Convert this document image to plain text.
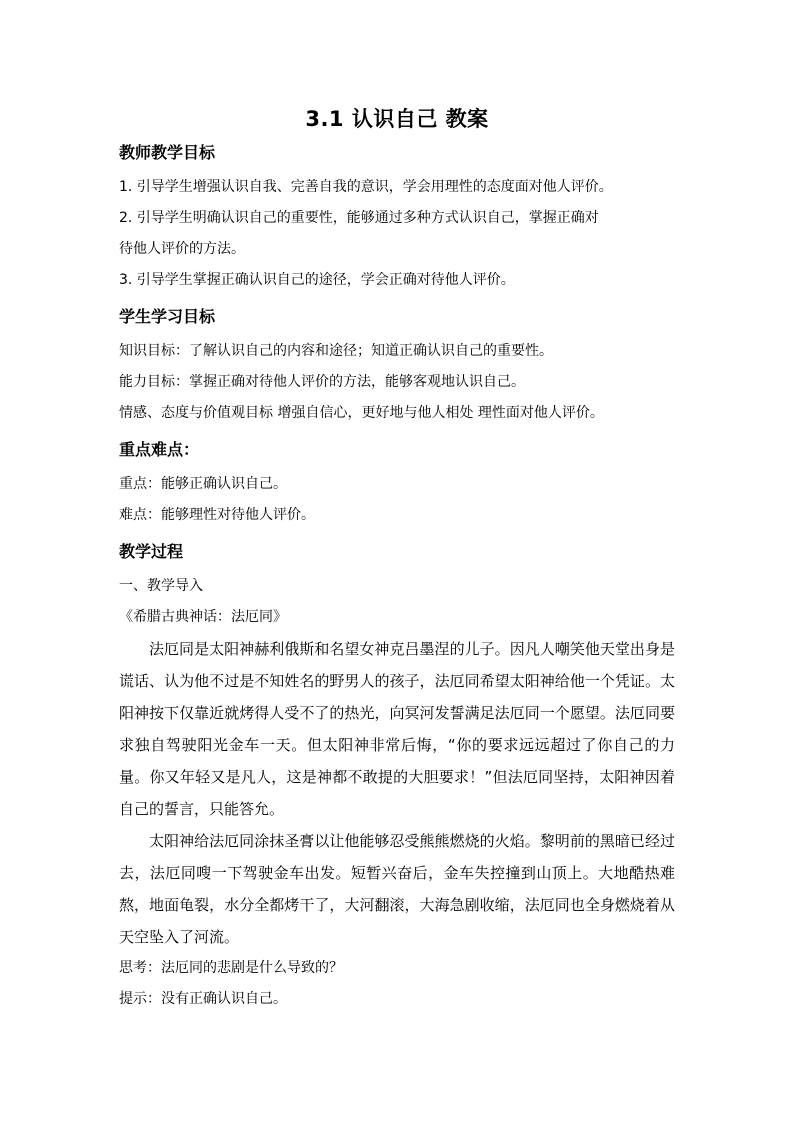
3.1 认识自己 教案
教师教学目标

1. 引导学生增强认识自我、完善自我的意识，学会用理性的态度面对他人评价。

2. 引导学生明确认识自己的重要性，能够通过多种方式认识自己，掌握正确对

待他人评价的方法。

3. 引导学生掌握正确认识自己的途径，学会正确对待他人评价。

学生学习目标

知识目标：了解认识自己的内容和途径；知道正确认识自己的重要性。

能力目标：掌握正确对待他人评价的方法，能够客观地认识自己。

情感、态度与价值观目标 增强自信心，更好地与他人相处 理性面对他人评价。

重点难点：

重点：能够正确认识自己。

难点：能够理性对待他人评价。

教学过程

一、教学导入

《希腊古典神话：法厄同》

法厄同是太阳神赫利俄斯和名望女神克吕墨涅的儿子。因凡人嘲笑他天堂出身是谎话、认为他不过是不知姓名的野男人的孩子，法厄同希望太阳神给他一个凭证。太阳神按下仅靠近就烤得人受不了的热光，向冥河发誓满足法厄同一个愿望。法厄同要求独自驾驶阳光金车一天。但太阳神非常后悔，“你的要求远远超过了你自己的力量。你又年轻又是凡人，这是神都不敢提的大胆要求！”但法厄同坚持，太阳神因着自己的誓言，只能答允。

太阳神给法厄同涂抹圣膏以让他能够忍受熊熊燃烧的火焰。黎明前的黑暗已经过去，法厄同嗖一下驾驶金车出发。短暂兴奋后，金车失控撞到山顶上。大地酷热难熬，地面龟裂，水分全都烤干了，大河翻滚，大海急剧收缩，法厄同也全身燃烧着从天空坠入了河流。

思考：法厄同的悲剧是什么导致的？

提示：没有正确认识自己。
